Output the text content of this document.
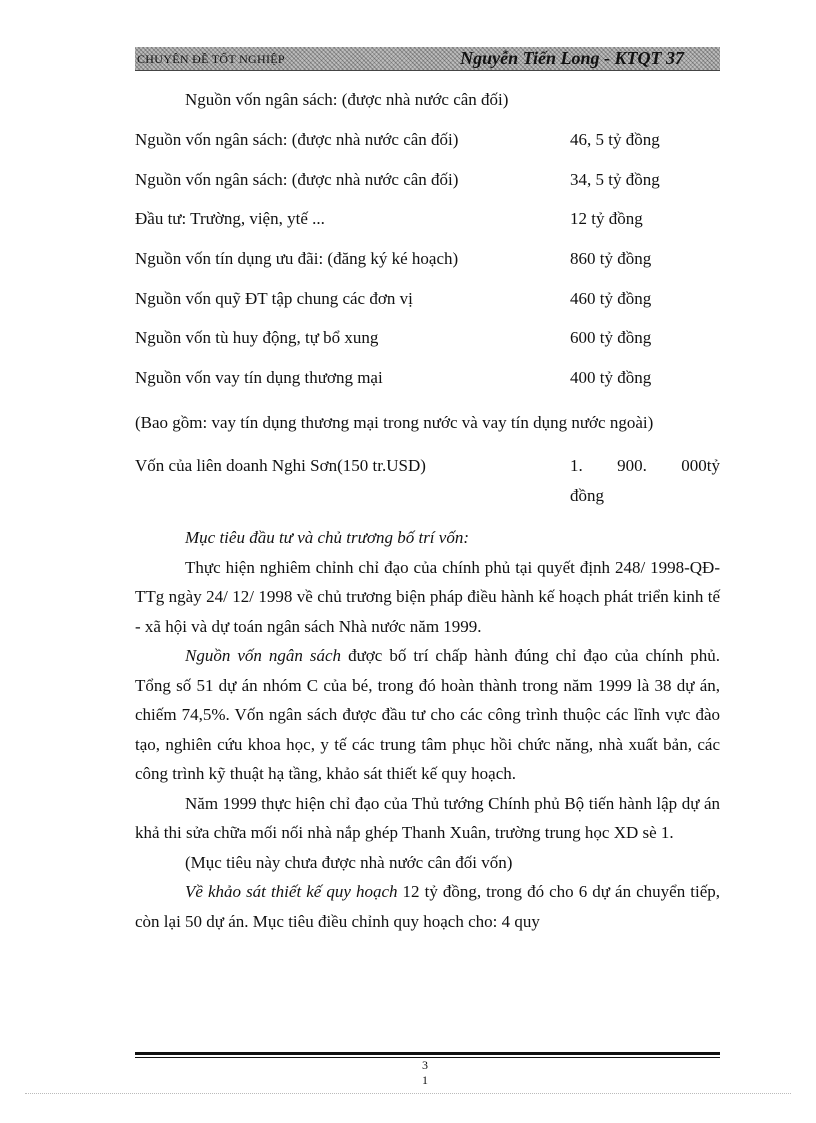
CHUYÊN ĐỀ TỐT NGHIỆP	Nguyễn Tiến Long - KTQT 37
Nguồn vốn ngân sách: (được nhà nước cân đối)
Nguồn vốn ngân sách: (được nhà nước cân đối)	46, 5 tỷ đồng
Nguồn vốn ngân sách: (được nhà nước cân đối)	34, 5 tỷ đồng
Đầu tư: Trường, viện, ytế ...	12 tỷ đồng
Nguồn vốn tín dụng ưu đãi: (đăng ký ké hoạch)	860 tỷ đồng
Nguồn vốn quỹ ĐT tập chung các đơn vị	460 tỷ đồng
Nguồn vốn tù huy động, tự bổ xung	600 tỷ đồng
Nguồn vốn vay tín dụng thương mại	400 tỷ đồng
(Bao gồm: vay tín dụng thương mại trong nước và vay tín dụng nước ngoài)
Vốn của liên doanh Nghi Sơn(150 tr.USD)	1. 900. 000tỷ
đồng
Mục tiêu đầu tư và chủ trương bố trí vốn:
Thực hiện nghiêm chỉnh chỉ đạo của chính phủ tại quyết định 248/ 1998-QĐ-TTg ngày 24/ 12/ 1998 về chủ trương biện pháp điều hành kế hoạch phát triển kinh tế - xã hội và dự toán ngân sách Nhà nước năm 1999.
Nguồn vốn ngân sách được bố trí chấp hành đúng chỉ đạo của chính phủ. Tổng số 51 dự án nhóm C của bé, trong đó hoàn thành trong năm 1999 là 38 dự án, chiếm 74,5%. Vốn ngân sách được đầu tư cho các công trình thuộc các lĩnh vực đào tạo, nghiên cứu khoa học, y tế các trung tâm phục hồi chức năng, nhà xuất bản, các công trình kỹ thuật hạ tầng, khảo sát thiết kế quy hoạch.
Năm 1999 thực hiện chỉ đạo của Thủ tướng Chính phủ Bộ tiến hành lập dự án khả thi sửa chữa mối nối nhà nắp ghép Thanh Xuân, trường trung học XD sè 1.
(Mục tiêu này chưa được nhà nước cân đối vốn)
Về khảo sát thiết kế quy hoạch 12 tỷ đồng, trong đó cho 6 dự án chuyển tiếp, còn lại 50 dự án. Mục tiêu điều chỉnh quy hoạch cho: 4 quy
3
1
